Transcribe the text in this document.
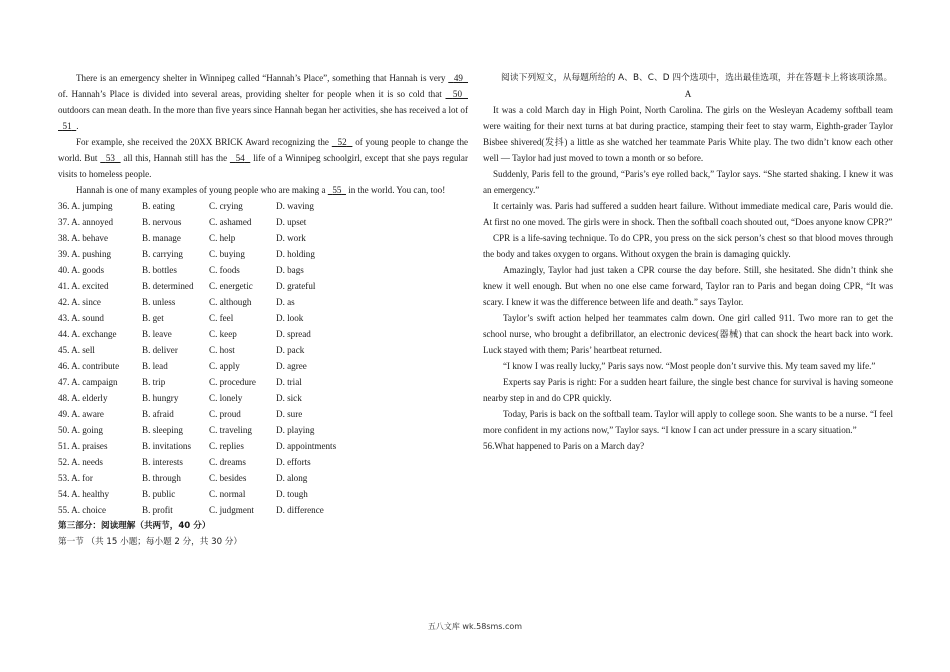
There is an emergency shelter in Winnipeg called “Hannah’s Place”, something that Hannah is very   49   of. Hannah’s Place is divided into several areas, providing shelter for people when it is so cold that   50   outdoors can mean death. In the more than five years since Hannah began her activities, she has received a lot of   51 .

For example, she received the 20XX BRICK Award recognizing the   52   of young people to change the world. But   53   all this, Hannah still has the   54   life of a Winnipeg schoolgirl, except that she pays regular visits to homeless people.

Hannah is one of many examples of young people who are making a   55   in the world. You can, too!

36. A. jumping	B. eating	C. crying	D. waving
37. A. annoyed	B. nervous	C. ashamed	D. upset
38. A. behave	B. manage	C. help	D. work
39. A. pushing	B. carrying	C. buying	D. holding
40. A. goods	B. bottles	C. foods	D. bags
41. A. excited	B. determined	C. energetic	D. grateful
42. A. since	B. unless	C. although	D. as
43. A. sound	B. get	C. feel	D. look
44. A. exchange	B. leave	C. keep	D. spread
45. A. sell	B. deliver	C. host	D. pack
46. A. contribute	B. lead	C. apply	D. agree
47. A. campaign	B. trip	C. procedure	D. trial
48. A. elderly	B. hungry	C. lonely	D. sick
49. A. aware	B. afraid	C. proud	D. sure
50. A. going	B. sleeping	C. traveling	D. playing
51. A. praises	B. invitations	C. replies	D. appointments
52. A. needs	B. interests	C. dreams	D. efforts
53. A. for	B. through	C. besides	D. along
54. A. healthy	B. public	C. normal	D. tough
55. A. choice	B. profit	C. judgment	D. difference
第三部分：阅读理解（共两节，40 分）
第一节 （共 15 小题；每小题 2 分，共 30 分）

阅读下列短文，从每题所给的 A、B、C、D 四个选项中，选出最佳选项，并在答题卡上将该项涂黑。

A

It was a cold March day in High Point, North Carolina. The girls on the Wesleyan Academy softball team were waiting for their next turns at bat during practice, stamping their feet to stay warm, Eighth-grader Taylor Bisbee shivered(发抖) a little as she watched her teammate Paris White play. The two didn’t know each other well — Taylor had just moved to town a month or so before.

Suddenly, Paris fell to the ground, “Paris’s eye rolled back,” Taylor says. “She started shaking. I knew it was an emergency.”

It certainly was. Paris had suffered a sudden heart failure. Without immediate medical care, Paris would die. At first no one moved. The girls were in shock. Then the softball coach shouted out, “Does anyone know CPR?”

CPR is a life-saving technique. To do CPR, you press on the sick person’s chest so that blood moves through the body and takes oxygen to organs. Without oxygen the brain is damaging quickly.

Amazingly, Taylor had just taken a CPR course the day before. Still, she hesitated. She didn’t think she knew it well enough. But when no one else came forward, Taylor ran to Paris and began doing CPR, “It was scary. I knew it was the difference between life and death.” says Taylor.

Taylor’s swift action helped her teammates calm down. One girl called 911. Two more ran to get the school nurse, who brought a defibrillator, an electronic devices(器械) that can shock the heart back into work. Luck stayed with them; Paris’ heartbeat returned.

“I know I was really lucky,” Paris says now. “Most people don’t survive this. My team saved my life.”

Experts say Paris is right: For a sudden heart failure, the single best chance for survival is having someone nearby step in and do CPR quickly.

Today, Paris is back on the softball team. Taylor will apply to college soon. She wants to be a nurse. “I feel more confident in my actions now,” Taylor says. “I know I can act under pressure in a scary situation.”

56.What happened to Paris on a March day?

五八文库 wk.58sms.com
